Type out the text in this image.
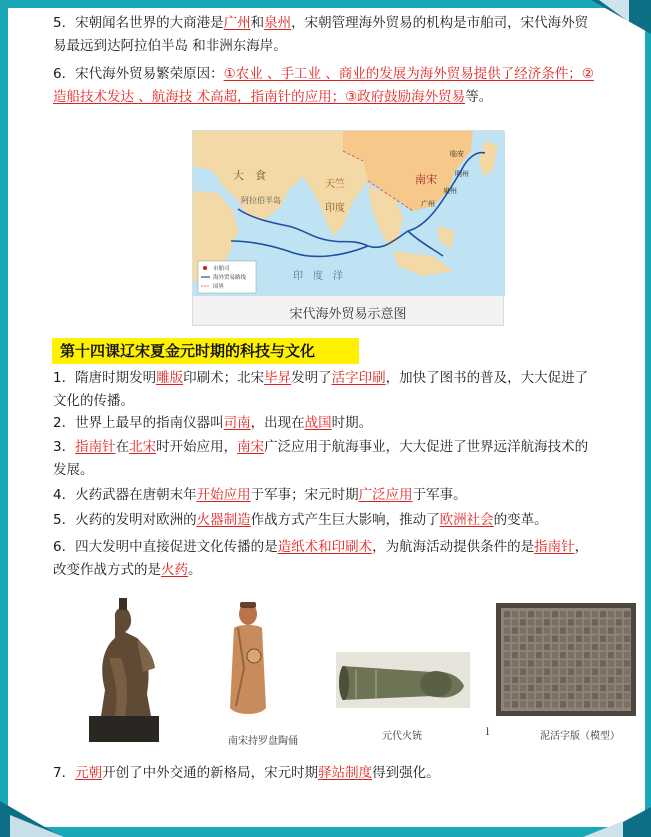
5．宋朝闻名世界的大商港是广州和泉州，宋朝管理海外贸易的机构是市舶司，宋代海外贸易最远到达阿拉伯半岛 和非洲东海岸。

6．宋代海外贸易繁荣原因：①农业 、手工业 、商业的发展为海外贸易提供了经济条件；②造船技术发达 、航海技 术高超，指南针的应用；③政府鼓励海外贸易等。

大　食
阿拉伯半岛
天竺
印度
南宋
临安
明州
泉州
广州
印　度　洋
市舶司
海外贸易路线
国界
宋代海外贸易示意图
第十四课辽宋夏金元时期的科技与文化

1．隋唐时期发明雕版印刷术；北宋毕昇发明了活字印刷，加快了图书的普及，大大促进了文化的传播。

2．世界上最早的指南仪器叫司南，出现在战国时期。

3．指南针在北宋时开始应用，南宋广泛应用于航海事业，大大促进了世界远洋航海技术的发展。

4．火药武器在唐朝末年开始应用于军事；宋元时期广泛应用于军事。

5．火药的发明对欧洲的火器制造作战方式产生巨大影响，推动了欧洲社会的变革。

6．四大发明中直接促进文化传播的是造纸术和印刷术，为航海活动提供条件的是指南针，改变作战方式的是火药。

南宋持罗盘陶俑	元代火铳	l	泥活字版（模型）

7．元朝开创了中外交通的新格局，宋元时期驿站制度得到强化。
